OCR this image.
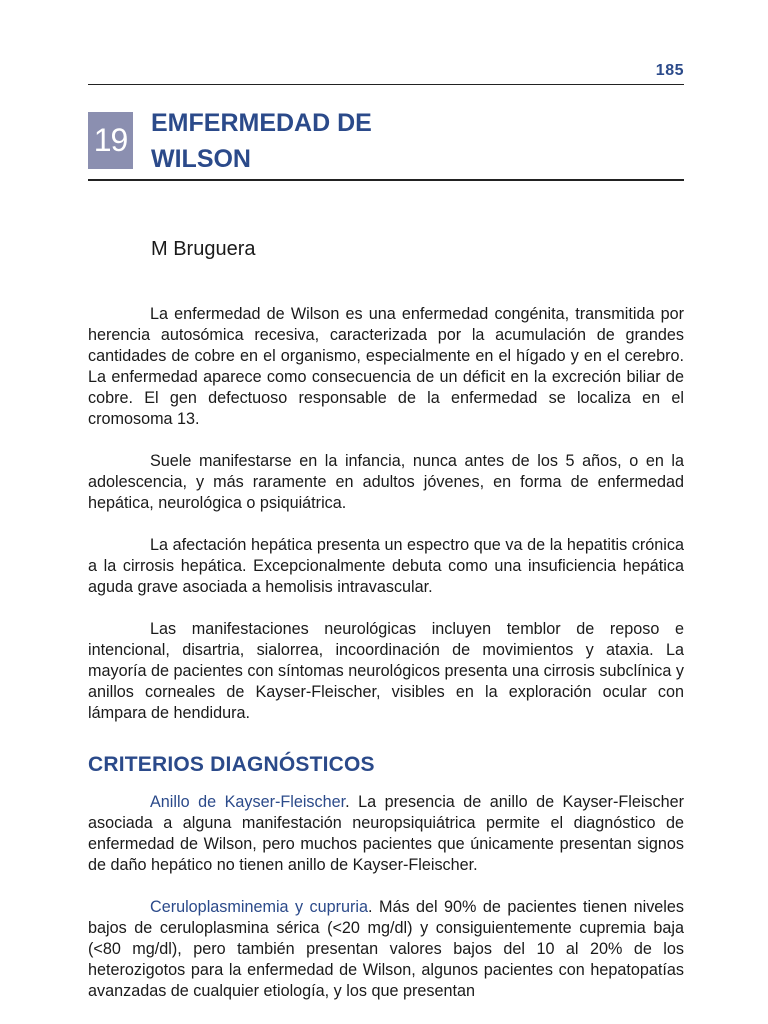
185
19 EMFERMEDAD DE
WILSON

M Bruguera

La enfermedad de Wilson es una enfermedad congénita, transmitida por herencia autosómica recesiva, caracterizada por la acumulación de grandes cantidades de cobre en el organismo, especialmente en el hígado y en el cerebro. La enfermedad aparece como consecuencia de un déficit en la excreción biliar de cobre. El gen defectuoso responsable de la enfermedad se localiza en el cromosoma 13.

Suele manifestarse en la infancia, nunca antes de los 5 años, o en la adolescencia, y más raramente en adultos jóvenes, en forma de enfermedad hepática, neurológica o psiquiátrica.

La afectación hepática presenta un espectro que va de la hepatitis crónica a la cirrosis hepática. Excepcionalmente debuta como una insuficiencia hepática aguda grave asociada a hemolisis intravascular.

Las manifestaciones neurológicas incluyen temblor de reposo e intencional, disartria, sialorrea, incoordinación de movimientos y ataxia. La mayoría de pacientes con síntomas neurológicos presenta una cirrosis subclínica y anillos corneales de Kayser-Fleischer, visibles en la exploración ocular con lámpara de hendidura.

CRITERIOS DIAGNÓSTICOS

Anillo de Kayser-Fleischer. La presencia de anillo de Kayser-Fleischer asociada a alguna manifestación neuropsiquiátrica permite el diagnóstico de enfermedad de Wilson, pero muchos pacientes que únicamente presentan signos de daño hepático no tienen anillo de Kayser-Fleischer.

Ceruloplasminemia y cupruria. Más del 90% de pacientes tienen niveles bajos de ceruloplasmina sérica (<20 mg/dl) y consiguientemente cupremia baja (<80 mg/dl), pero también presentan valores bajos del 10 al 20% de los heterozigotos para la enfermedad de Wilson, algunos pacientes con hepatopatías avanzadas de cualquier etiología, y los que presentan
